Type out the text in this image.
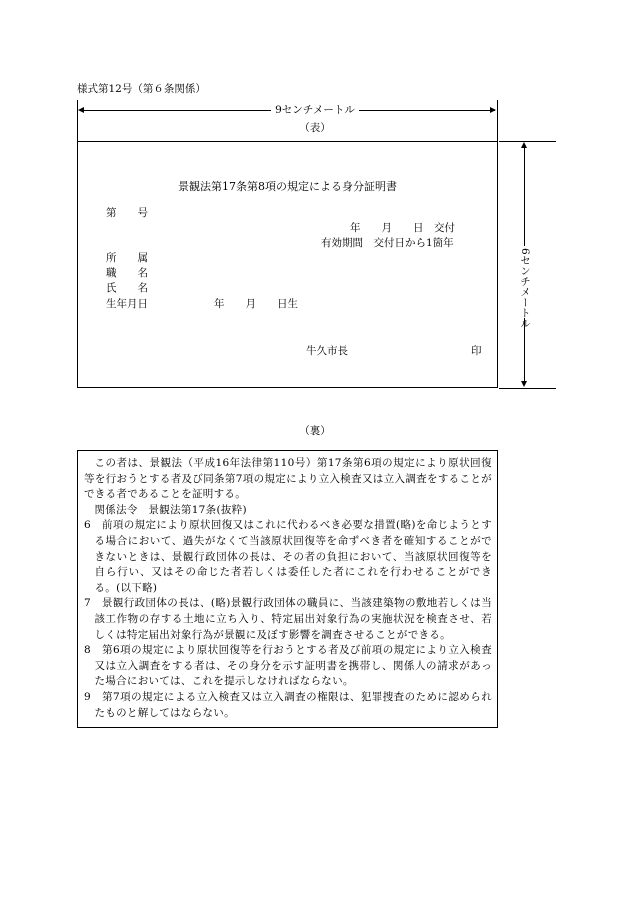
様式第12号（第６条関係）
9センチメートル
（表）
景観法第17条第8項の規定による身分証明書
第　　号
年　　月　　日　交付
有効期間　交付日から1箇年
所　　属
職　　名
氏　　名
生年月日	年　　月　　日生
牛久市長	印
6センチメートル
（裏）

この者は、景観法（平成16年法律第110号）第17条第6項の規定により原状回復等を行おうとする者及び同条第7項の規定により立入検査又は立入調査をすることができる者であることを証明する。

関係法令　景観法第17条(抜粋)

6　前項の規定により原状回復又はこれに代わるべき必要な措置(略)を命じようとする場合において、過失がなくて当該原状回復等を命ずべき者を確知することができないときは、景観行政団体の長は、その者の負担において、当該原状回復等を自ら行い、又はその命じた者若しくは委任した者にこれを行わせることができる。(以下略)

7　景観行政団体の長は、(略)景観行政団体の職員に、当該建築物の敷地若しくは当該工作物の存する土地に立ち入り、特定届出対象行為の実施状況を検査させ、若しくは特定届出対象行為が景観に及ぼす影響を調査させることができる。

8　第6項の規定により原状回復等を行おうとする者及び前項の規定により立入検査又は立入調査をする者は、その身分を示す証明書を携帯し、関係人の請求があった場合においては、これを提示しなければならない。

9　第7項の規定による立入検査又は立入調査の権限は、犯罪捜査のために認められたものと解してはならない。
